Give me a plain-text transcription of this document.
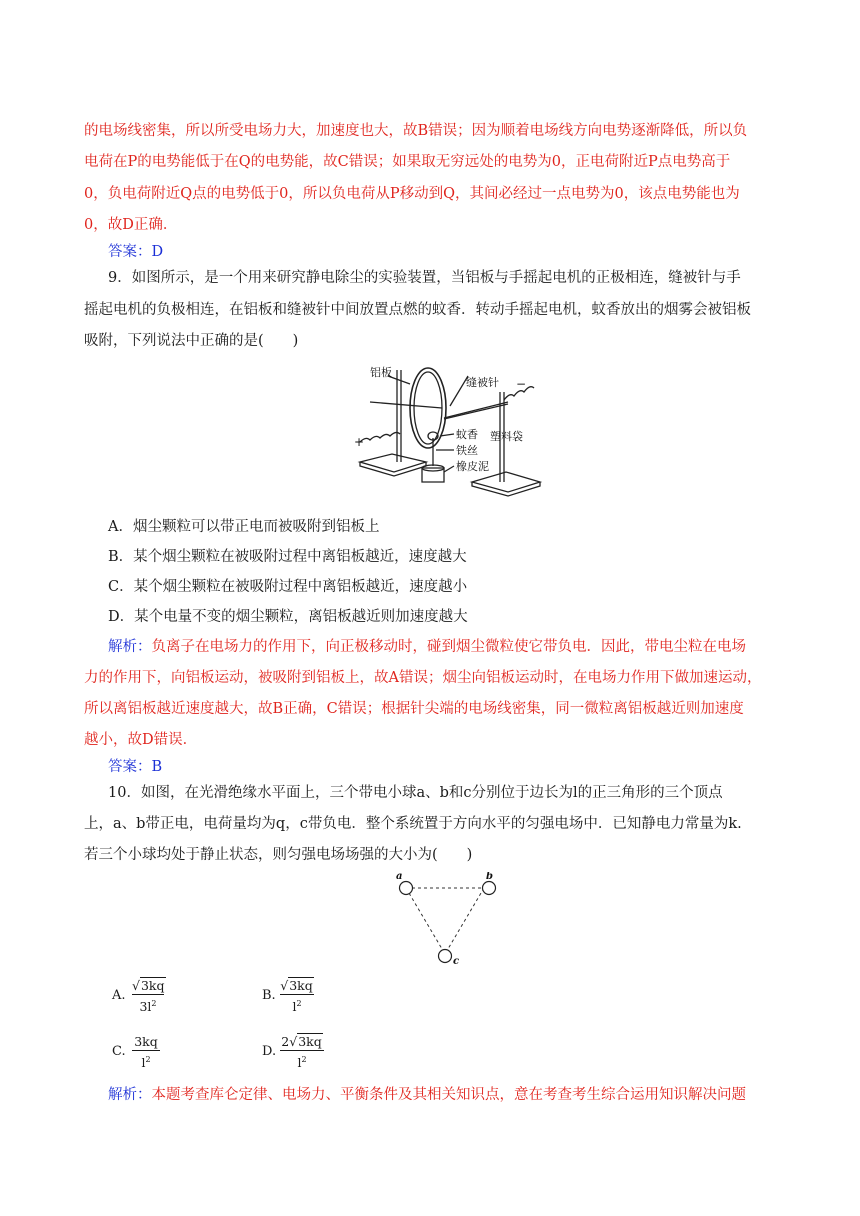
的电场线密集，所以所受电场力大，加速度也大，故B错误；因为顺着电场线方向电势逐渐降低，所以负
电荷在P的电势能低于在Q的电势能，故C错误；如果取无穷远处的电势为0，正电荷附近P点电势高于
0，负电荷附近Q点的电势低于0，所以负电荷从P移动到Q，其间必经过一点电势为0，该点电势能也为
0，故D正确．
答案：D
9．如图所示，是一个用来研究静电除尘的实验装置，当铝板与手摇起电机的正极相连，缝被针与手
摇起电机的负极相连，在铝板和缝被针中间放置点燃的蚊香．转动手摇起电机，蚊香放出的烟雾会被铝板
吸附，下列说法中正确的是(　　)
铝板
缝被针
蚊香
铁丝
橡皮泥
塑料袋
+
−
A．烟尘颗粒可以带正电而被吸附到铝板上
B．某个烟尘颗粒在被吸附过程中离铝板越近，速度越大
C．某个烟尘颗粒在被吸附过程中离铝板越近，速度越小
D．某个电量不变的烟尘颗粒，离铝板越近则加速度越大
解析：负离子在电场力的作用下，向正极移动时，碰到烟尘微粒使它带负电．因此，带电尘粒在电场
力的作用下，向铝板运动，被吸附到铝板上，故A错误；烟尘向铝板运动时，在电场力作用下做加速运动，
所以离铝板越近速度越大，故B正确，C错误；根据针尖端的电场线密集，同一微粒离铝板越近则加速度
越小，故D错误．
答案：B
10．如图，在光滑绝缘水平面上，三个带电小球a、b和c分别位于边长为l的正三角形的三个顶点
上，a、b带正电，电荷量均为q，c带负电．整个系统置于方向水平的匀强电场中．已知静电力常量为k.
若三个小球均处于静止状态，则匀强电场场强的大小为(　　)
a	b
c
A.
√3kq
$3l^2$
B.
√3kq
$l^2$
C.
3kq
$l^2$
D.
2√3kq
$l^2$
解析：本题考查库仑定律、电场力、平衡条件及其相关知识点，意在考查考生综合运用知识解决问题
